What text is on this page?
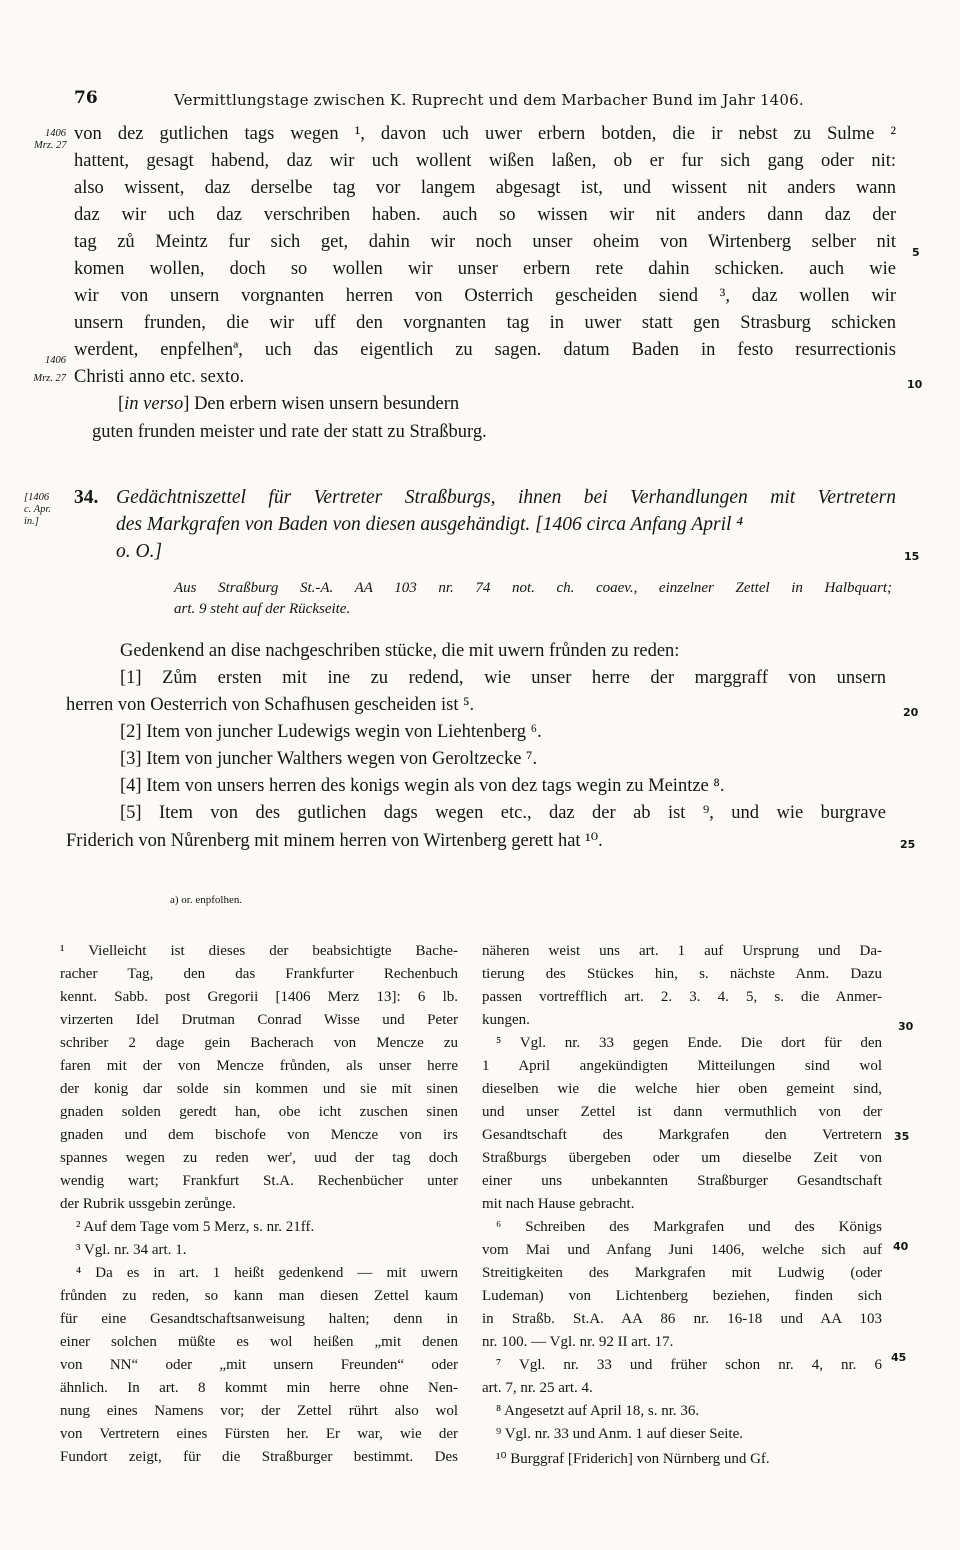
76	Vermittlungstage zwischen K. Ruprecht und dem Marbacher Bund im Jahr 1406.
1406
Mrz. 27
1406
Mrz. 27
[1406
c. Apr.
in.]
5
10
15
20
25
30
35
40
45
von dez gutlichen tags wegen ¹, davon uch uwer erbern botden, die ir nebst zu Sulme ²
hattent, gesagt habend, daz wir uch wollent wißen laßen, ob er fur sich gang oder nit:
also wissent, daz derselbe tag vor langem abgesagt ist, und wissent nit anders wann
daz wir uch daz verschriben haben. auch so wissen wir nit anders dann daz der
tag zů Meintz fur sich get, dahin wir noch unser oheim von Wirtenberg selber nit
komen wollen, doch so wollen wir unser erbern rete dahin schicken. auch wie
wir von unsern vorgnanten herren von Osterrich gescheiden siend ³, daz wollen wir
unsern frunden, die wir uff den vorgnanten tag in uwer statt gen Strasburg schicken
werdent, enpfelhenª, uch das eigentlich zu sagen. datum Baden in festo resurrectionis
Christi anno etc. sexto.
[in verso] Den erbern wisen unsern besundern
guten frunden meister und rate der statt zu Straßburg.
34. Gedächtniszettel für Vertreter Straßburgs, ihnen bei Verhandlungen mit Vertretern
des Markgrafen von Baden von diesen ausgehändigt. [1406 circa Anfang April ⁴
o. O.]
Aus Straßburg St.-A. AA 103 nr. 74 not. ch. coaev., einzelner Zettel in Halbquart;
art. 9 steht auf der Rückseite.
Gedenkend an dise nachgeschriben stücke, die mit uwern frůnden zu reden:
[1] Zům ersten mit ine zu redend, wie unser herre der marggraff von unsern
herren von Oesterrich von Schafhusen gescheiden ist ⁵.
[2] Item von juncher Ludewigs wegin von Liehtenberg ⁶.
[3] Item von juncher Walthers wegen von Geroltzecke ⁷.
[4] Item von unsers herren des konigs wegin als von dez tags wegin zu Meintze ⁸.
[5] Item von des gutlichen dags wegen etc., daz der ab ist ⁹, und wie burgrave
Friderich von Nůrenberg mit minem herren von Wirtenberg gerett hat ¹⁰.
a) or. enpfolhen.
¹ Vielleicht ist dieses der beabsichtigte Bache-
racher Tag, den das Frankfurter Rechenbuch
kennt. Sabb. post Gregorii [1406 Merz 13]: 6 lb.
virzerten Idel Drutman Conrad Wisse und Peter
schriber 2 dage gein Bacherach von Mencze zu
faren mit der von Mencze frůnden, als unser herre
der konig dar solde sin kommen und sie mit sinen
gnaden solden geredt han, obe icht zuschen sinen
gnaden und dem bischofe von Mencze von irs
spannes wegen zu reden wer', uud der tag doch
wendig wart; Frankfurt St.A. Rechenbücher unter
der Rubrik ussgebin zerůnge.
² Auf dem Tage vom 5 Merz, s. nr. 21ff.
³ Vgl. nr. 34 art. 1.
⁴ Da es in art. 1 heißt gedenkend — mit uwern
frůnden zu reden, so kann man diesen Zettel kaum
für eine Gesandtschaftsanweisung halten; denn in
einer solchen müßte es wol heißen „mit denen
von NN“ oder „mit unsern Freunden“ oder
ähnlich. In art. 8 kommt min herre ohne Nen-
nung eines Namens vor; der Zettel rührt also wol
von Vertretern eines Fürsten her. Er war, wie der
Fundort zeigt, für die Straßburger bestimmt. Des
näheren weist uns art. 1 auf Ursprung und Da-
tierung des Stückes hin, s. nächste Anm. Dazu
passen vortrefflich art. 2. 3. 4. 5, s. die Anmer-
kungen.
⁵ Vgl. nr. 33 gegen Ende. Die dort für den
1 April angekündigten Mitteilungen sind wol
dieselben wie die welche hier oben gemeint sind,
und unser Zettel ist dann vermuthlich von der
Gesandtschaft des Markgrafen den Vertretern
Straßburgs übergeben oder um dieselbe Zeit von
einer uns unbekannten Straßburger Gesandtschaft
mit nach Hause gebracht.
⁶ Schreiben des Markgrafen und des Königs
vom Mai und Anfang Juni 1406, welche sich auf
Streitigkeiten des Markgrafen mit Ludwig (oder
Ludeman) von Lichtenberg beziehen, finden sich
in Straßb. St.A. AA 86 nr. 16-18 und AA 103
nr. 100. — Vgl. nr. 92 II art. 17.
⁷ Vgl. nr. 33 und früher schon nr. 4, nr. 6
art. 7, nr. 25 art. 4.
⁸ Angesetzt auf April 18, s. nr. 36.
⁹ Vgl. nr. 33 und Anm. 1 auf dieser Seite.
¹⁰ Burggraf [Friderich] von Nürnberg und Gf.
